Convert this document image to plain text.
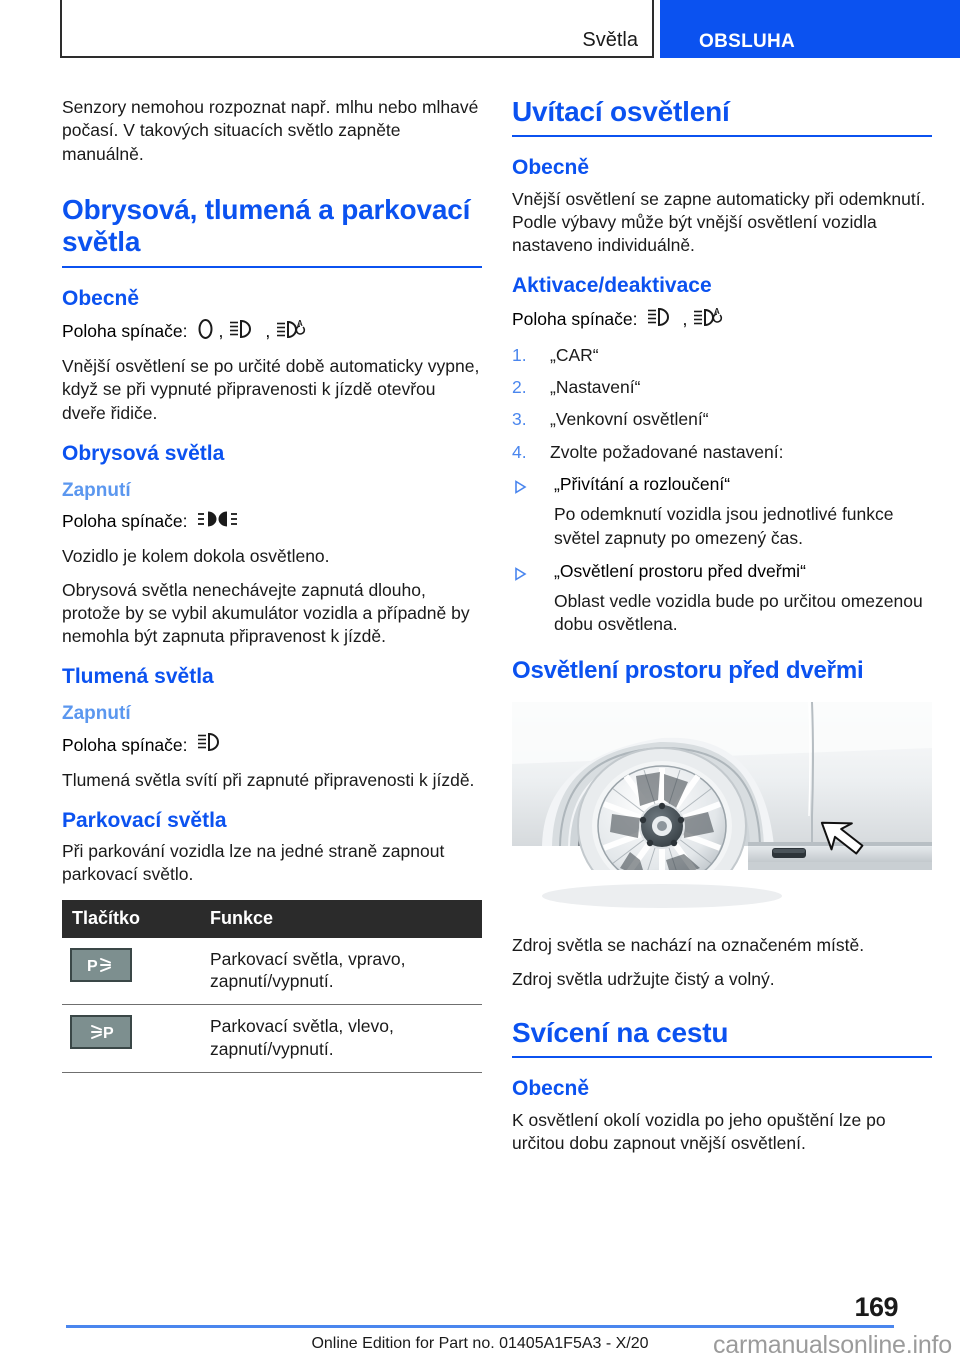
Světla	OBSLUHA

Senzory nemohou rozpoznat např. mlhu nebo mlhavé počasí. V takových situacích světlo zapněte manuálně.

Obrysová, tlumená a parkovací světla
Obecně
Poloha spínače: , ,	A

Vnější osvětlení se po určité době automaticky vypne, když se při vypnuté připravenosti k jízdě otevřou dveře řidiče.

Obrysová světla
Zapnutí
Poloha spínače:

Vozidlo je kolem dokola osvětleno.

Obrysová světla nenechávejte zapnutá dlouho, protože by se vybil akumulátor vozidla a případně by nemohla být zapnuta připravenost k jízdě.

Tlumená světla
Zapnutí
Poloha spínače:

Tlumená světla svítí při zapnuté připravenosti k jízdě.

Parkovací světla

Při parkování vozidla lze na jedné straně zapnout parkovací světlo.

Tlačítko	Funkce

P	Parkovací světla, vpravo, zapnutí/vypnutí.

P	Parkovací světla, vlevo, zapnutí/vypnutí.
Uvítací osvětlení
Obecně

Vnější osvětlení se zapne automaticky při odemknutí. Podle výbavy může být vnější osvětlení vozidla nastaveno individuálně.

Aktivace/deaktivace
Poloha spínače:	,	A
1. „CAR“
2. „Nastavení“
3. „Venkovní osvětlení“
4. Zvolte požadované nastavení:
„Přivítání a rozloučení“

Po odemknutí vozidla jsou jednotlivé funkce světel zapnuty po omezený čas.

„Osvětlení prostoru před dveřmi“

Oblast vedle vozidla bude po určitou omezenou dobu osvětlena.

Osvětlení prostoru před dveřmi

Zdroj světla se nachází na označeném místě.

Zdroj světla udržujte čistý a volný.

Svícení na cestu
Obecně

K osvětlení okolí vozidla po jeho opuštění lze po určitou dobu zapnout vnější osvětlení.

169
Online Edition for Part no. 01405A1F5A3 - X/20	carmanualsonline.info
